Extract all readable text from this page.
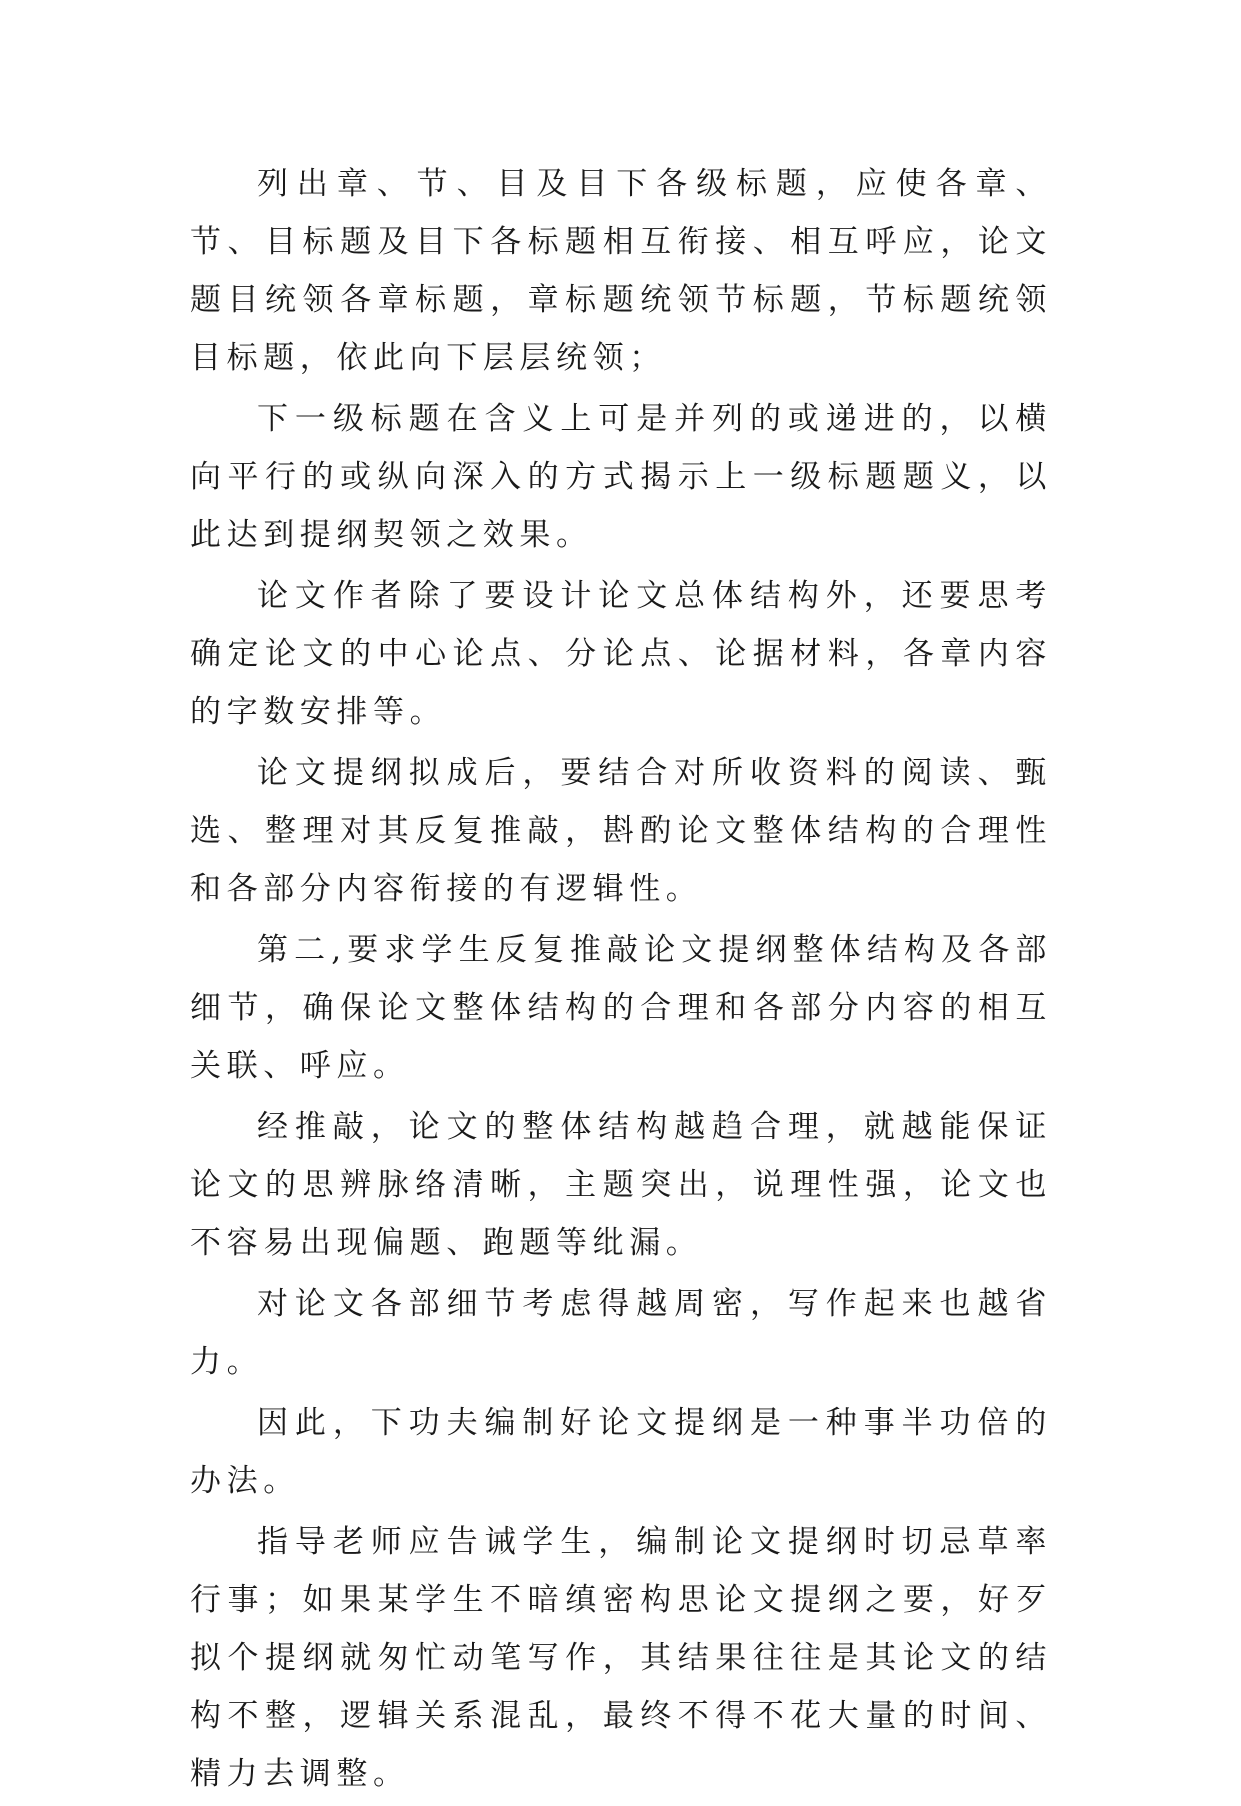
列出章、节、目及目下各级标题，应使各章、节、目标题及目下各标题相互衔接、相互呼应，论文题目统领各章标题，章标题统领节标题，节标题统领目标题，依此向下层层统领；

下一级标题在含义上可是并列的或递进的，以横向平行的或纵向深入的方式揭示上一级标题题义，以此达到提纲契领之效果。

论文作者除了要设计论文总体结构外，还要思考确定论文的中心论点、分论点、论据材料，各章内容的字数安排等。

论文提纲拟成后，要结合对所收资料的阅读、甄选、整理对其反复推敲，斟酌论文整体结构的合理性和各部分内容衔接的有逻辑性。

第二,要求学生反复推敲论文提纲整体结构及各部细节，确保论文整体结构的合理和各部分内容的相互关联、呼应。

经推敲，论文的整体结构越趋合理，就越能保证论文的思辨脉络清晰，主题突出，说理性强，论文也不容易出现偏题、跑题等纰漏。

对论文各部细节考虑得越周密，写作起来也越省力。

因此，下功夫编制好论文提纲是一种事半功倍的办法。

指导老师应告诫学生，编制论文提纲时切忌草率行事；如果某学生不暗缜密构思论文提纲之要，好歹拟个提纲就匆忙动笔写作，其结果往往是其论文的结构不整，逻辑关系混乱，最终不得不花大量的时间、精力去调整。
